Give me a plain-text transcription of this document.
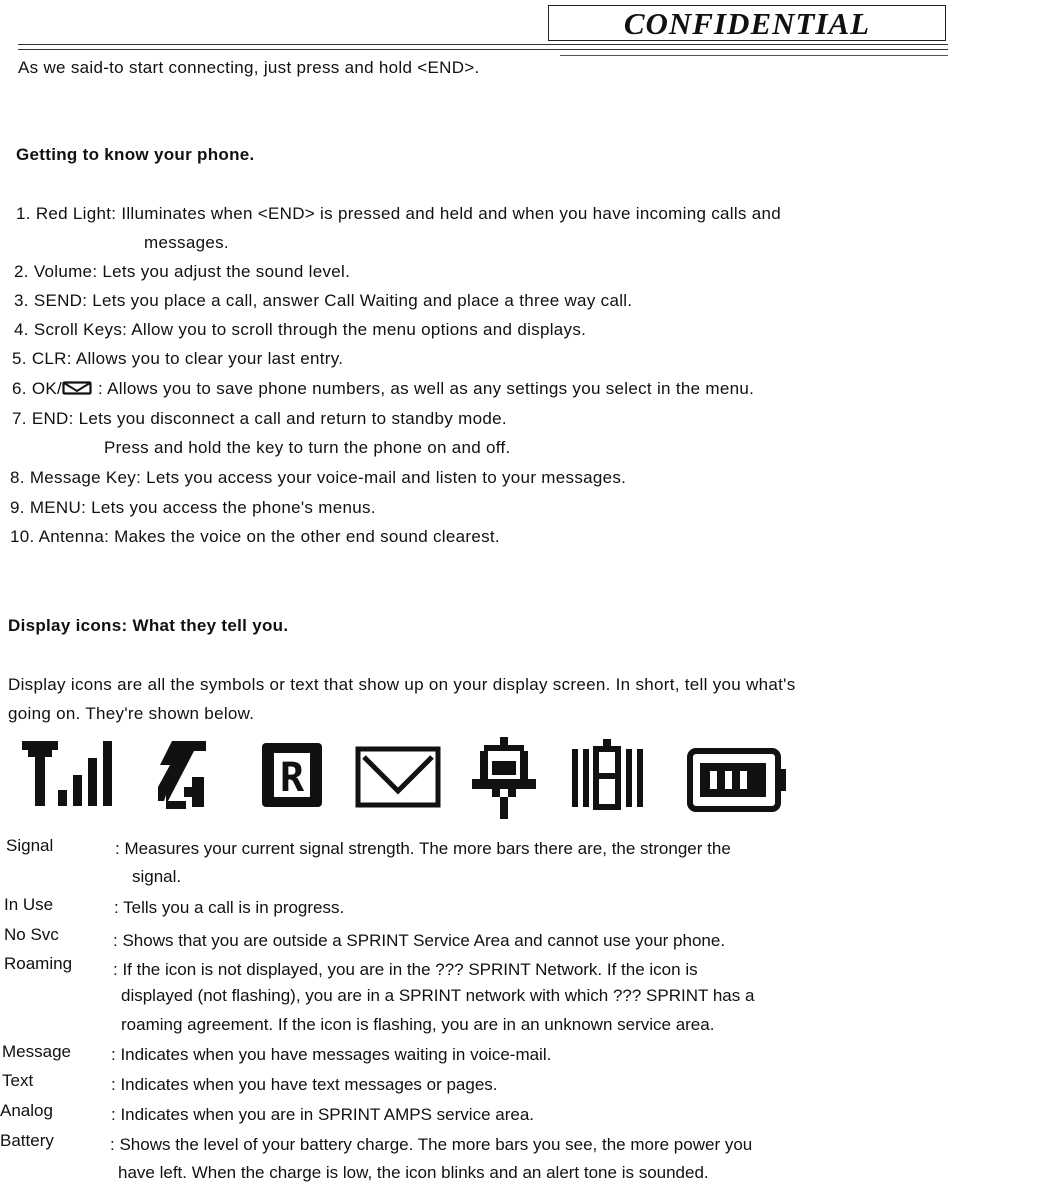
CONFIDENTIAL
As we said-to start connecting, just press and hold <END>.
Getting to know your phone.
1. Red Light: Illuminates when <END> is pressed and held and when you have incoming calls and
messages.
2. Volume: Lets you adjust the sound level.
3. SEND: Lets you place a call, answer Call Waiting and place a three way call.
4. Scroll Keys: Allow you to scroll through the menu options and displays.
5. CLR: Allows you to clear your last entry.
6. OK/ : Allows you to save phone numbers, as well as any settings you select in the menu.
7. END: Lets you disconnect a call and return to standby mode.
Press and hold the key to turn the phone on and off.
8. Message Key: Lets you access your voice-mail and listen to your messages.
9. MENU: Lets you access the phone's menus.
10. Antenna: Makes the voice on the other end sound clearest.
Display icons: What they tell you.
Display icons are all the symbols or text that show up on your display screen. In short, tell you what's
going on. They're shown below.
R
Signal	: Measures your current signal strength. The more bars there are, the stronger the
signal.
In Use	: Tells you a call is in progress.
No Svc	: Shows that you are outside a SPRINT Service Area and cannot use your phone.
Roaming : If the icon is not displayed, you are in the ??? SPRINT Network. If the icon is
displayed (not flashing), you are in a SPRINT network with which ??? SPRINT has a
roaming agreement. If the icon is flashing, you are in an unknown service area.
Message : Indicates when you have messages waiting in voice-mail.
Text	: Indicates when you have text messages or pages.
Analog	: Indicates when you are in SPRINT AMPS service area.
Battery	: Shows the level of your battery charge. The more bars you see, the more power you
have left. When the charge is low, the icon blinks and an alert tone is sounded.
